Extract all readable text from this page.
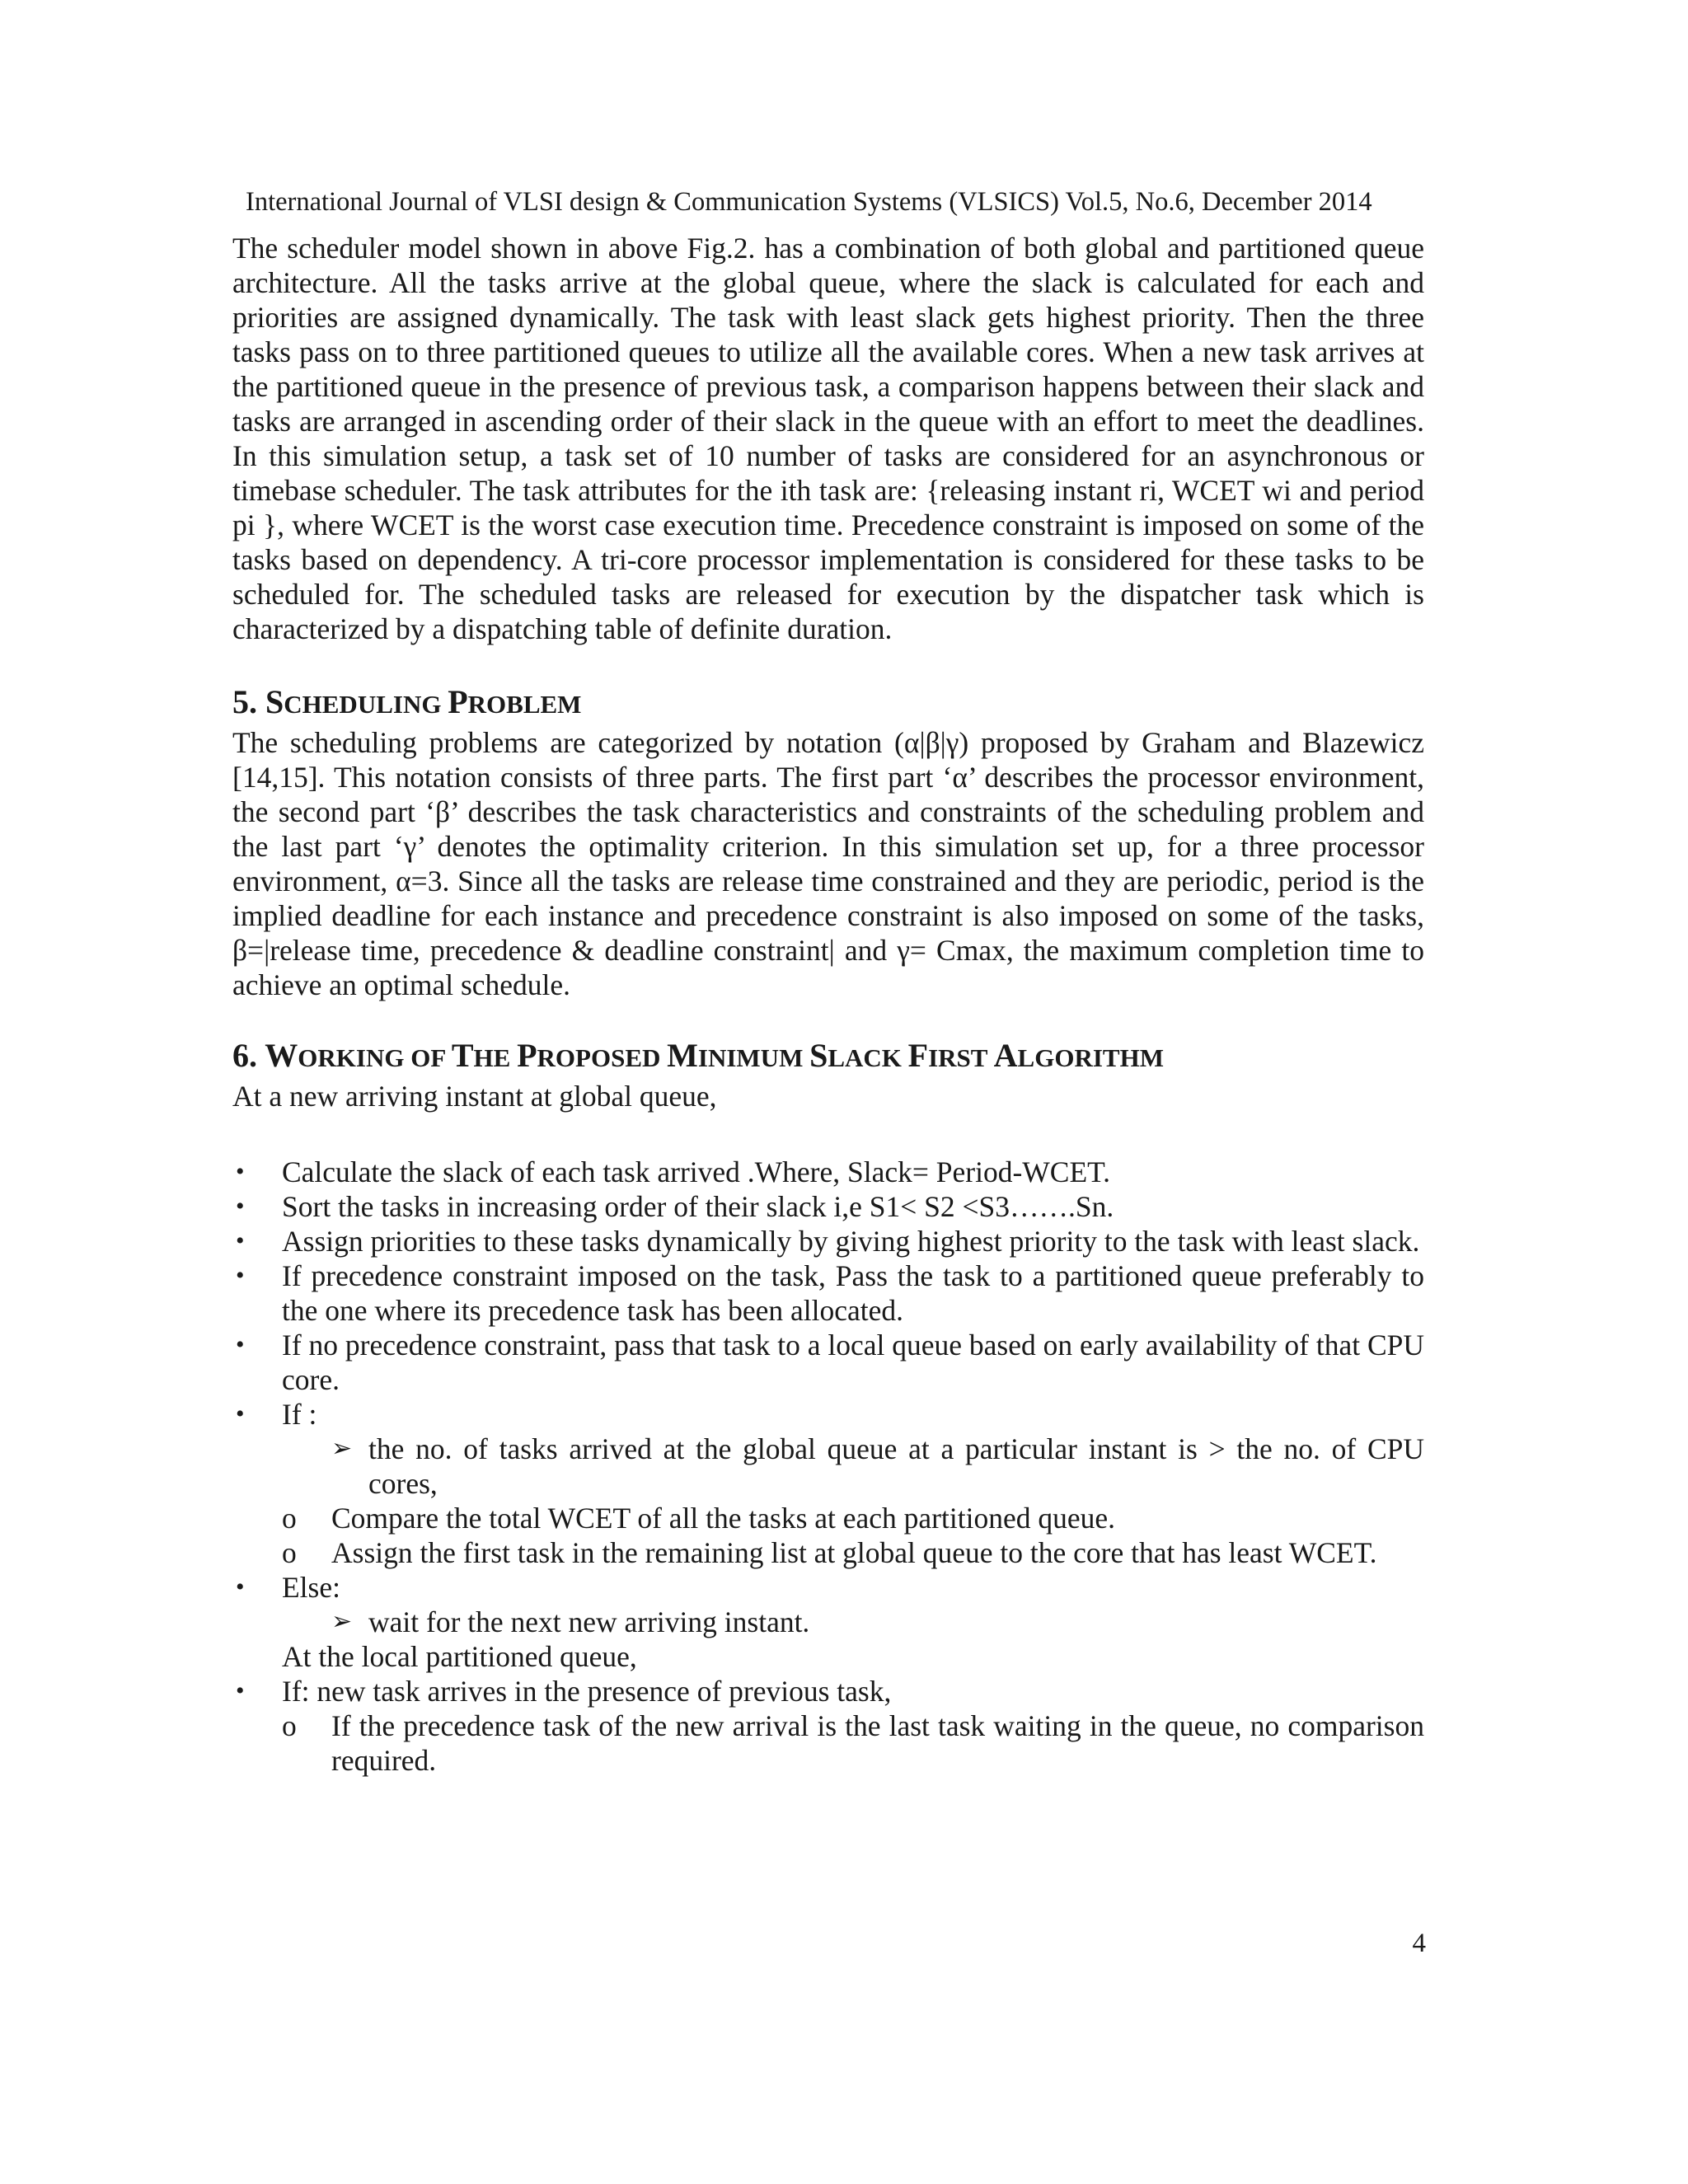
International Journal of VLSI design & Communication Systems (VLSICS) Vol.5, No.6, December 2014

The scheduler model shown in above Fig.2. has a combination of both global and partitioned queue architecture. All the tasks arrive at the global queue, where the slack is calculated for each and priorities are assigned dynamically. The task with least slack gets highest priority. Then the three tasks pass on to three partitioned queues to utilize all the available cores. When a new task arrives at the partitioned queue in the presence of previous task, a comparison happens between their slack and tasks are arranged in ascending order of their slack in the queue with an effort to meet the deadlines. In this simulation setup, a task set of 10 number of tasks are considered for an asynchronous or timebase scheduler. The task attributes for the ith task are: {releasing instant ri, WCET wi and period pi }, where WCET is the worst case execution time. Precedence constraint is imposed on some of the tasks based on dependency. A tri-core processor implementation is considered for these tasks to be scheduled for. The scheduled tasks are released for execution by the dispatcher task which is characterized by a dispatching table of definite duration.

5. SCHEDULING PROBLEM

The scheduling problems are categorized by notation (α|β|γ) proposed by Graham and Blazewicz [14,15]. This notation consists of three parts. The first part ‘α’ describes the processor environment, the second part ‘β’ describes the task characteristics and constraints of the scheduling problem and the last part ‘γ’ denotes the optimality criterion. In this simulation set up, for a three processor environment, α=3. Since all the tasks are release time constrained and they are periodic, period is the implied deadline for each instance and precedence constraint is also imposed on some of the tasks, β=|release time, precedence & deadline constraint| and γ= Cmax, the maximum completion time to achieve an optimal schedule.

6. WORKING OF THE PROPOSED MINIMUM SLACK FIRST ALGORITHM

At a new arriving instant at global queue,

• Calculate the slack of each task arrived .Where, Slack= Period-WCET.
• Sort the tasks in increasing order of their slack i,e S1< S2 <S3…….Sn.
• Assign priorities to these tasks dynamically by giving highest priority to the task with least slack.
• If precedence constraint imposed on the task, Pass the task to a partitioned queue preferably to the one where its precedence task has been allocated.
• If no precedence constraint, pass that task to a local queue based on early availability of that CPU core.
• If :
➢ the no. of tasks arrived at the global queue at a particular instant is > the no. of CPU cores,
o Compare the total WCET of all the tasks at each partitioned queue.
o Assign the first task in the remaining list at global queue to the core that has least WCET.
• Else:
➢ wait for the next new arriving instant.
At the local partitioned queue,
• If: new task arrives in the presence of previous task,
o If the precedence task of the new arrival is the last task waiting in the queue, no comparison required.
4
